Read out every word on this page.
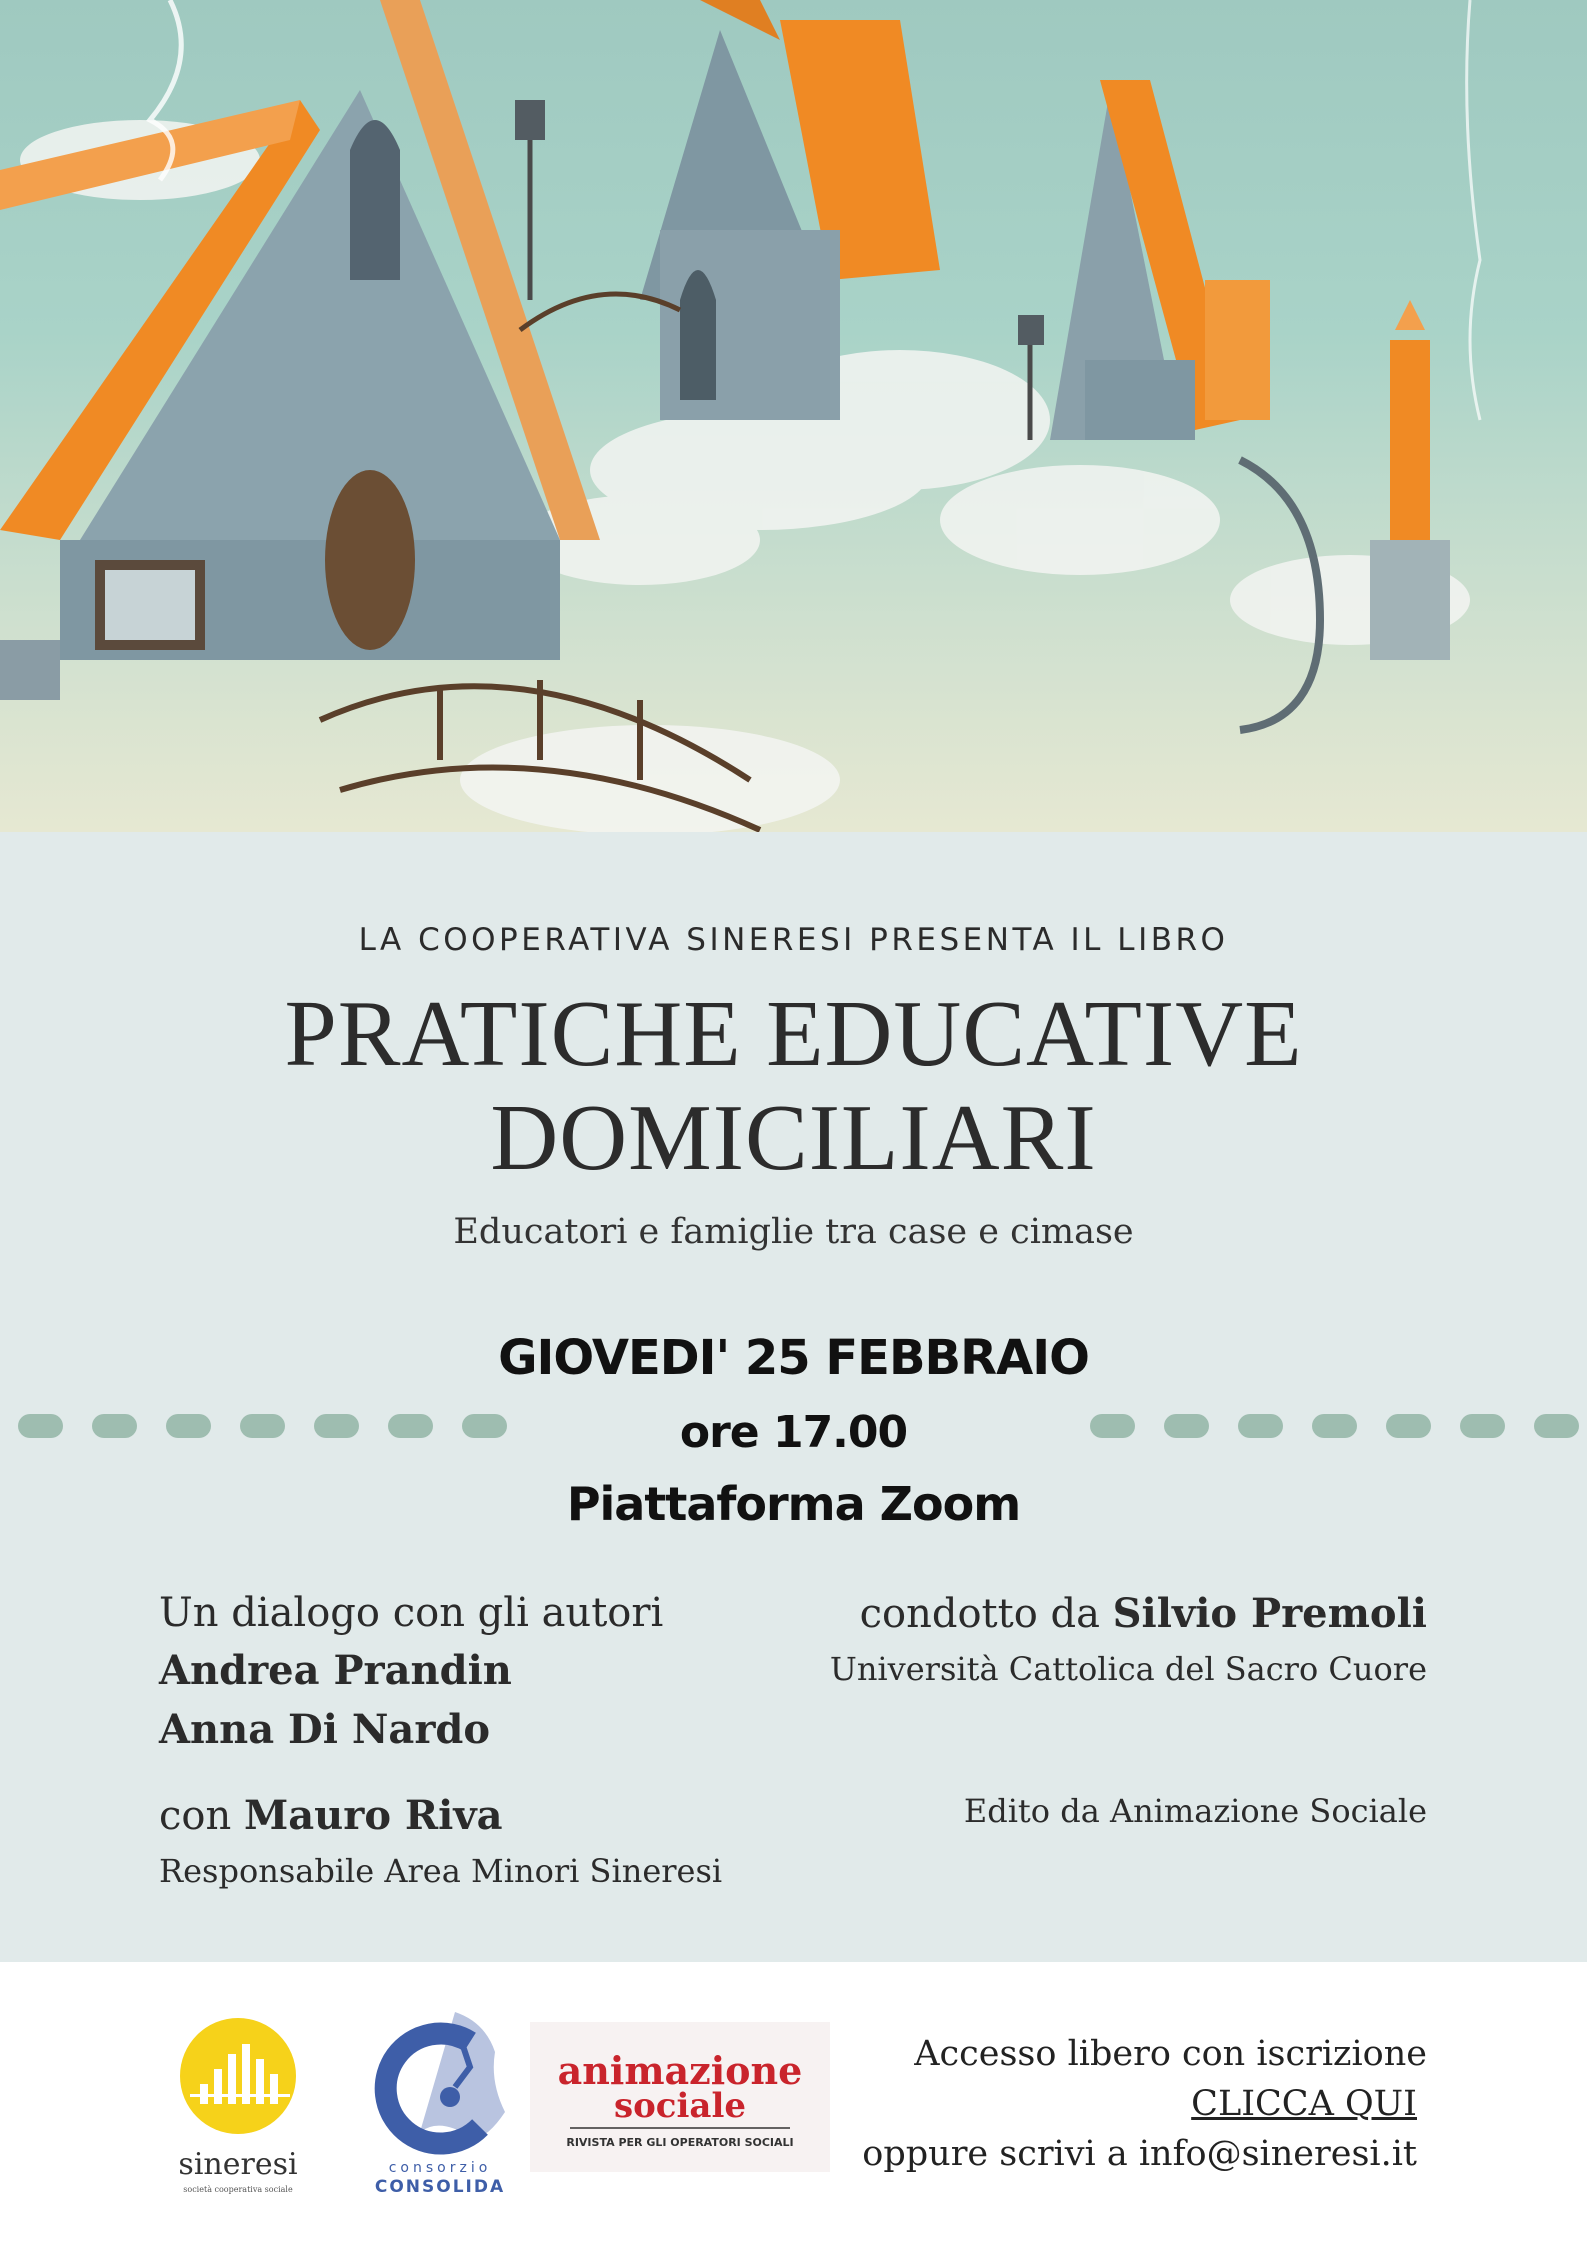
LA COOPERATIVA SINERESI PRESENTA IL LIBRO
PRATICHE EDUCATIVE
DOMICILIARI
Educatori e famiglie tra case e cimase
GIOVEDI' 25 FEBBRAIO
ore 17.00
Piattaforma Zoom
Un dialogo con gli autori
Andrea Prandin
Anna Di Nardo
con Mauro Riva
Responsabile Area Minori Sineresi
condotto da Silvio Premoli
Università Cattolica del Sacro Cuore
Edito da Animazione Sociale
sineresi
società cooperativa sociale
consorzio
CONSOLIDA
animazione
sociale
RIVISTA PER GLI OPERATORI SOCIALI
Accesso libero con iscrizione
CLICCA QUI
oppure scrivi a info@sineresi.it
